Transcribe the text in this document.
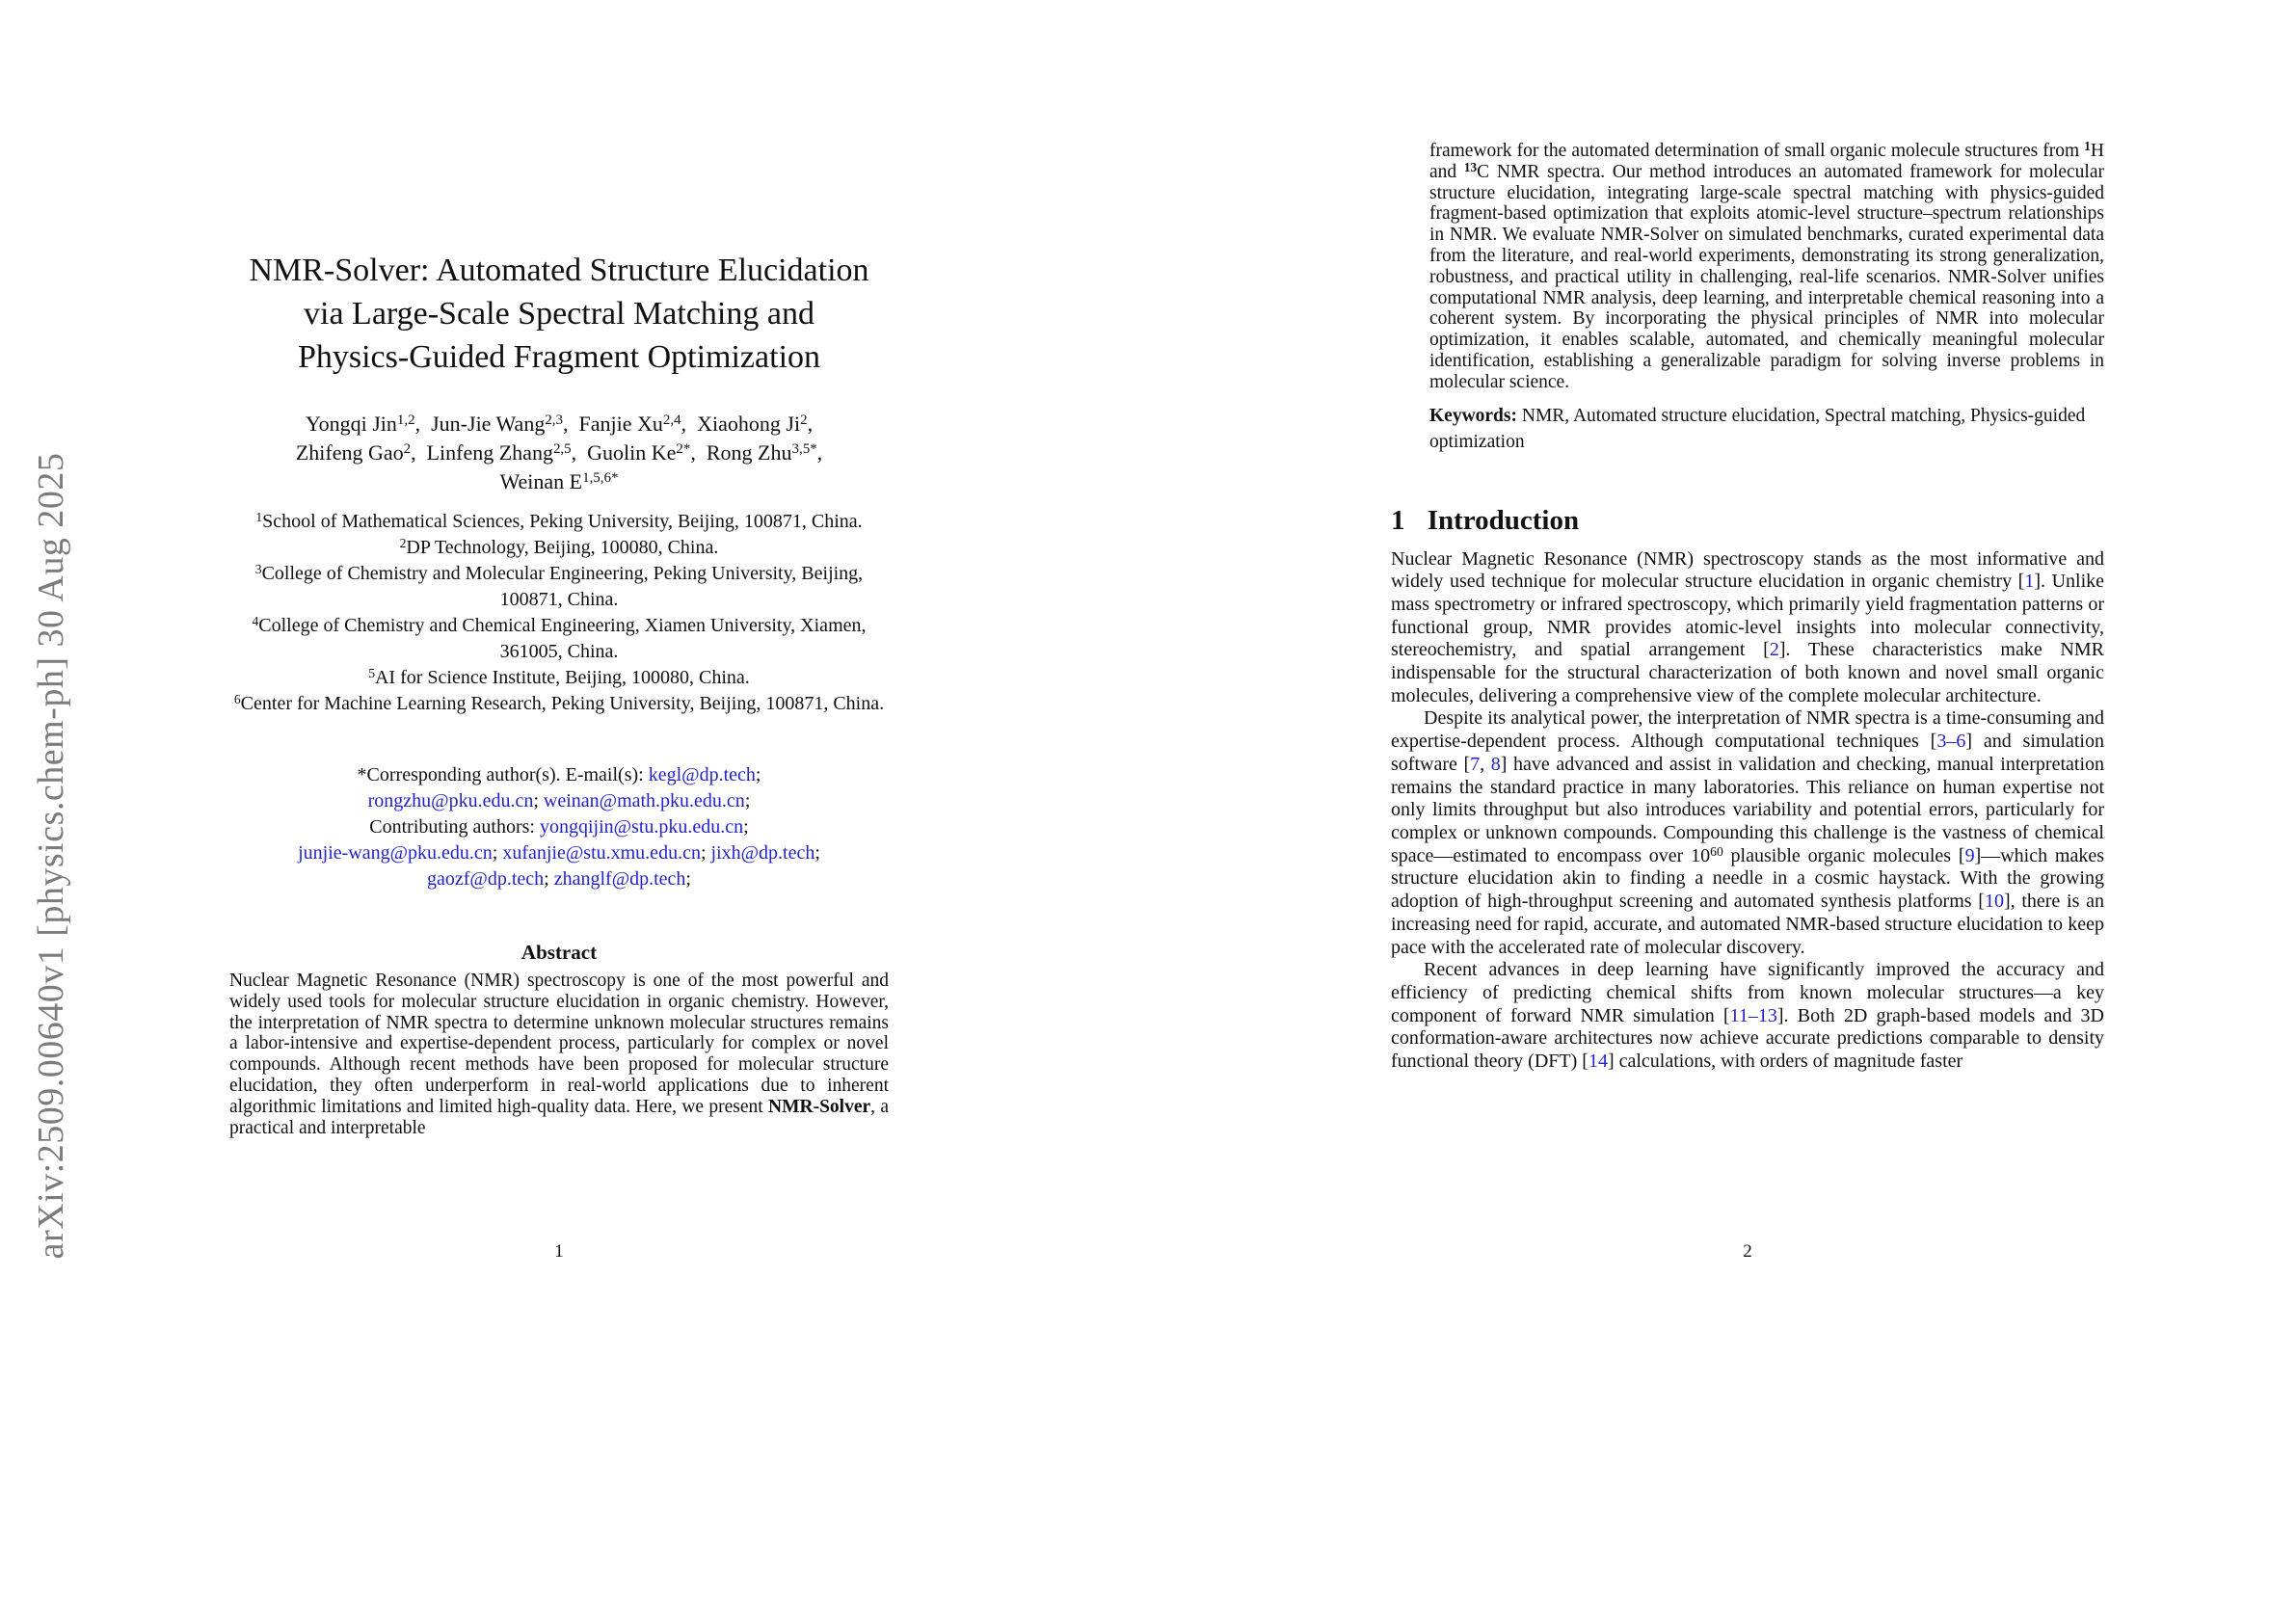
arXiv:2509.00640v1 [physics.chem-ph] 30 Aug 2025
NMR-Solver: Automated Structure Elucidation
via Large-Scale Spectral Matching and
Physics-Guided Fragment Optimization
Yongqi Jin$^{1,2}$,  Jun-Jie Wang$^{2,3}$,  Fanjie Xu$^{2,4}$,  Xiaohong Ji$^2$,
Zhifeng Gao$^2$,  Linfeng Zhang$^{2,5}$,  Guolin $Ke^{2*}$,  Rong Zhu$^{3,5*}$,
Weinan $E^{1,5,6*}$
$^1$School of Mathematical Sciences, Peking University, Beijing, 100871, China.
$^2$DP Technology, Beijing, 100080, China.
$^3$College of Chemistry and Molecular Engineering, Peking University, Beijing, 100871, China.
$^4$College of Chemistry and Chemical Engineering, Xiamen University, Xiamen, 361005, China.
$^5$AI for Science Institute, Beijing, 100080, China.
$^6$Center for Machine Learning Research, Peking University, Beijing, 100871, China.
*Corresponding author(s). E-mail(s): kegl@dp.tech;
rongzhu@pku.edu.cn; weinan@math.pku.edu.cn;
Contributing authors: yongqijin@stu.pku.edu.cn;
junjie-wang@pku.edu.cn; xufanjie@stu.xmu.edu.cn; jixh@dp.tech;
gaozf@dp.tech; zhanglf@dp.tech;
Abstract
Nuclear Magnetic Resonance (NMR) spectroscopy is one of the most powerful and widely used tools for molecular structure elucidation in organic chemistry. However, the interpretation of NMR spectra to determine unknown molecular structures remains a labor-intensive and expertise-dependent process, particularly for complex or novel compounds. Although recent methods have been proposed for molecular structure elucidation, they often underperform in real-world applications due to inherent algorithmic limitations and limited high-quality data. Here, we present NMR-Solver, a practical and interpretable
1
framework for the automated determination of small organic molecule structures from $^1$H and $^{13}$C NMR spectra. Our method introduces an automated framework for molecular structure elucidation, integrating large-scale spectral matching with physics-guided fragment-based optimization that exploits atomic-level structure–spectrum relationships in NMR. We evaluate NMR-Solver on simulated benchmarks, curated experimental data from the literature, and real-world experiments, demonstrating its strong generalization, robustness, and practical utility in challenging, real-life scenarios. NMR-Solver unifies computational NMR analysis, deep learning, and interpretable chemical reasoning into a coherent system. By incorporating the physical principles of NMR into molecular optimization, it enables scalable, automated, and chemically meaningful molecular identification, establishing a generalizable paradigm for solving inverse problems in molecular science.
Keywords: NMR, Automated structure elucidation, Spectral matching, Physics-guided optimization
1 Introduction

Nuclear Magnetic Resonance (NMR) spectroscopy stands as the most informative and widely used technique for molecular structure elucidation in organic chemistry [1]. Unlike mass spectrometry or infrared spectroscopy, which primarily yield fragmentation patterns or functional group, NMR provides atomic-level insights into molecular connectivity, stereochemistry, and spatial arrangement [2]. These characteristics make NMR indispensable for the structural characterization of both known and novel small organic molecules, delivering a comprehensive view of the complete molecular architecture.

Despite its analytical power, the interpretation of NMR spectra is a time-consuming and expertise-dependent process. Although computational techniques [3–6] and simulation software [7, 8] have advanced and assist in validation and checking, manual interpretation remains the standard practice in many laboratories. This reliance on human expertise not only limits throughput but also introduces variability and potential errors, particularly for complex or unknown compounds. Compounding this challenge is the vastness of chemical space—estimated to encompass over $10^{60}$ plausible organic molecules [9]—which makes structure elucidation akin to finding a needle in a cosmic haystack. With the growing adoption of high-throughput screening and automated synthesis platforms [10], there is an increasing need for rapid, accurate, and automated NMR-based structure elucidation to keep pace with the accelerated rate of molecular discovery.

Recent advances in deep learning have significantly improved the accuracy and efficiency of predicting chemical shifts from known molecular structures—a key component of forward NMR simulation [11–13]. Both 2D graph-based models and 3D conformation-aware architectures now achieve accurate predictions comparable to density functional theory (DFT) [14] calculations, with orders of magnitude faster

2
